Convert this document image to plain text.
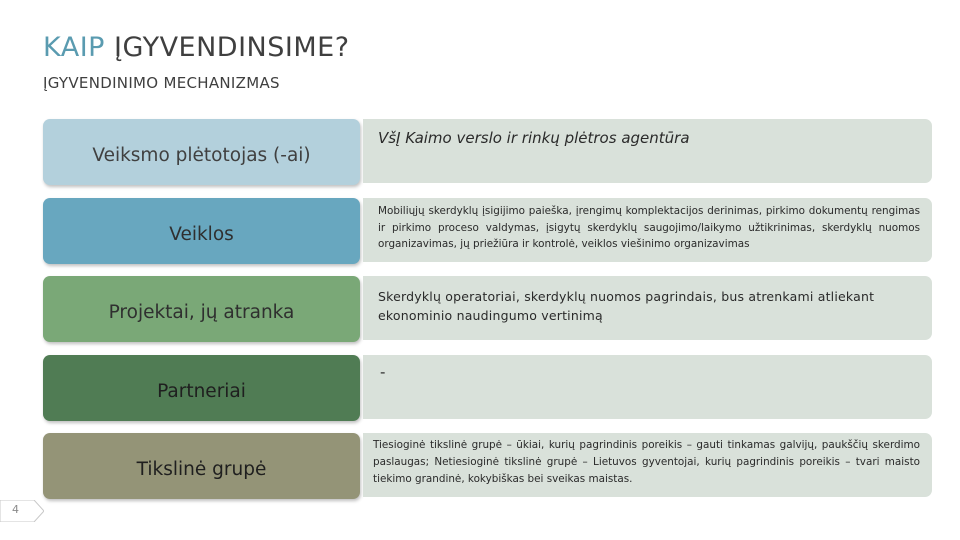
KAIP ĮGYVENDINSIME?
ĮGYVENDINIMO MECHANIZMAS
Veiksmo plėtotojas (-ai)
VšĮ Kaimo verslo ir rinkų plėtros agentūra
Veiklos
Mobiliųjų skerdyklų įsigijimo paieška, įrengimų komplektacijos derinimas, pirkimo dokumentų rengimas ir pirkimo proceso valdymas, įsigytų skerdyklų saugojimo/laikymo užtikrinimas, skerdyklų nuomos organizavimas, jų priežiūra ir kontrolė, veiklos viešinimo organizavimas
Projektai, jų atranka
Skerdyklų operatoriai, skerdyklų nuomos pagrindais, bus atrenkami atliekant ekonominio naudingumo vertinimą
Partneriai
-
Tikslinė grupė
Tiesioginė tikslinė grupė – ūkiai, kurių pagrindinis poreikis – gauti tinkamas galvijų, paukščių skerdimo paslaugas; Netiesioginė tikslinė grupė – Lietuvos gyventojai, kurių pagrindinis poreikis – tvari maisto tiekimo grandinė, kokybiškas bei sveikas maistas.
4
